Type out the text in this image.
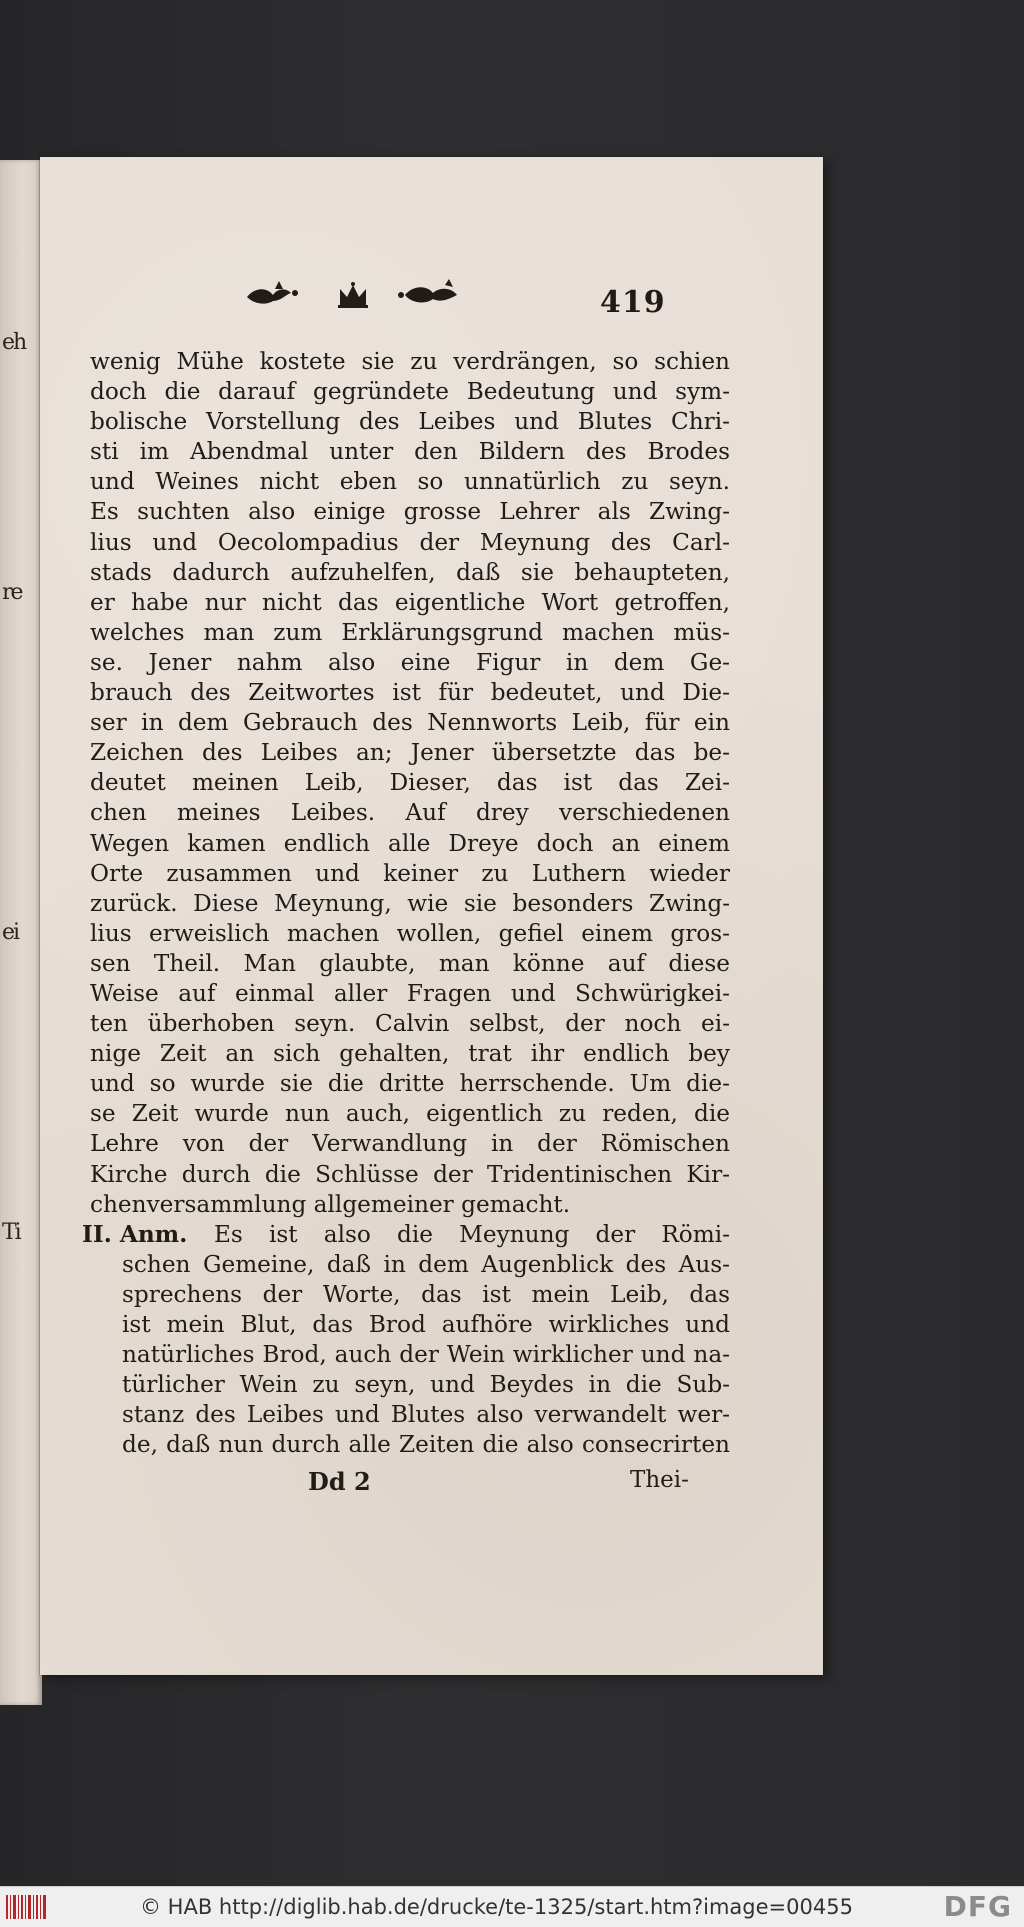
eh
re
ei
Ti
419
wenig Mühe kostete sie zu verdrängen, so schien
doch die darauf gegründete Bedeutung und sym-
bolische Vorstellung des Leibes und Blutes Chri-
sti im Abendmal unter den Bildern des Brodes
und Weines nicht eben so unnatürlich zu seyn.
Es suchten also einige grosse Lehrer als Zwing-
lius und Oecolompadius der Meynung des Carl-
stads dadurch aufzuhelfen, daß sie behaupteten,
er habe nur nicht das eigentliche Wort getroffen,
welches man zum Erklärungsgrund machen müs-
se. Jener nahm also eine Figur in dem Ge-
brauch des Zeitwortes ist für bedeutet, und Die-
ser in dem Gebrauch des Nennworts Leib, für ein
Zeichen des Leibes an; Jener übersetzte das be-
deutet meinen Leib, Dieser, das ist das Zei-
chen meines Leibes. Auf drey verschiedenen
Wegen kamen endlich alle Dreye doch an einem
Orte zusammen und keiner zu Luthern wieder
zurück. Diese Meynung, wie sie besonders Zwing-
lius erweislich machen wollen, gefiel einem gros-
sen Theil. Man glaubte, man könne auf diese
Weise auf einmal aller Fragen und Schwürigkei-
ten überhoben seyn. Calvin selbst, der noch ei-
nige Zeit an sich gehalten, trat ihr endlich bey
und so wurde sie die dritte herrschende. Um die-
se Zeit wurde nun auch, eigentlich zu reden, die
Lehre von der Verwandlung in der Römischen
Kirche durch die Schlüsse der Tridentinischen Kir-
chenversammlung allgemeiner gemacht.
II. Anm. Es ist also die Meynung der Römi-
schen Gemeine, daß in dem Augenblick des Aus-
sprechens der Worte, das ist mein Leib, das
ist mein Blut, das Brod aufhöre wirkliches und
natürliches Brod, auch der Wein wirklicher und na-
türlicher Wein zu seyn, und Beydes in die Sub-
stanz des Leibes und Blutes also verwandelt wer-
de, daß nun durch alle Zeiten die also consecrirten
Dd 2	Thei-
© HAB http://diglib.hab.de/drucke/te-1325/start.htm?image=00455	DFG
